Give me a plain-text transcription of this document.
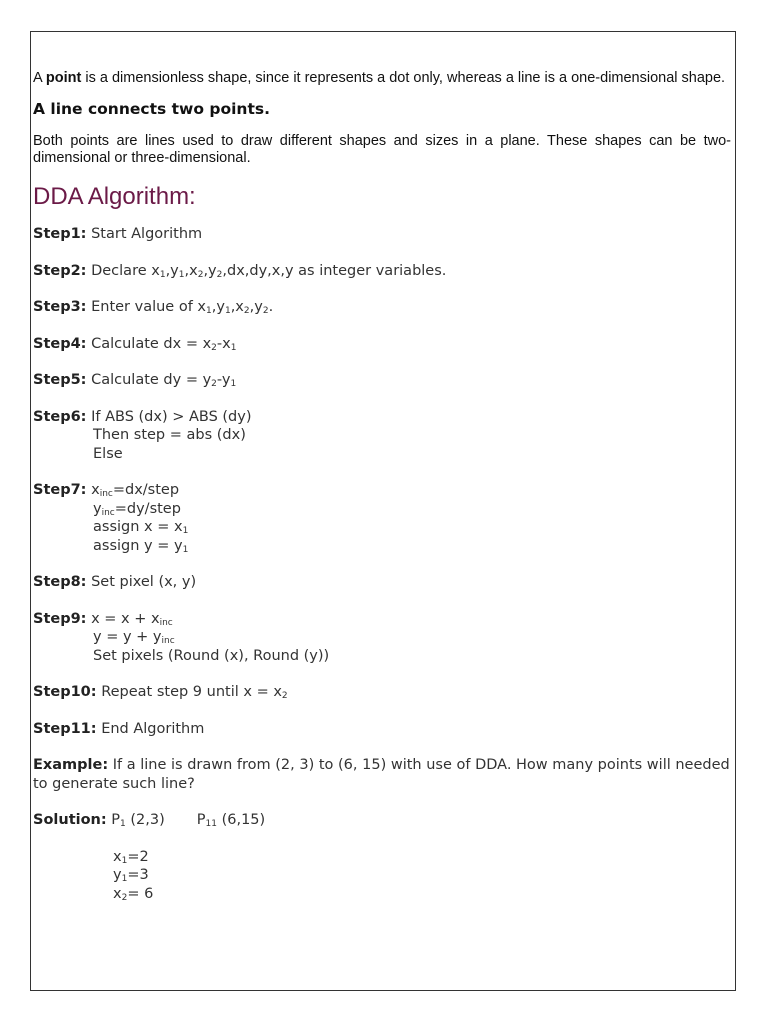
A point is a dimensionless shape, since it represents a dot only, whereas a line is a one-dimensional shape.

A line connects two points.

Both points are lines used to draw different shapes and sizes in a plane. These shapes can be two-dimensional or three-dimensional.

DDA Algorithm:
Step1: Start Algorithm
Step2: Declare $x_1,y_1,x_2,y_2,dx,dy,x,y$ as integer variables.
Step3: Enter value of $x_1,y_1,x_2,y_2$.
Step4: Calculate dx = $x_2-x_1$
Step5: Calculate dy = $y_2-y_1$
Step6: If ABS (dx) > ABS (dy)
Then step = abs (dx)
Else
Step7: $x_{inc}=dx$/step
$y_{inc}=dy$/step
assign $x = x_1$
assign $y = y_1$
Step8: Set pixel (x, y)
Step9: $x = x + x_{inc}$
$y = y + y_{inc}$
Set pixels (Round (x), Round (y))
Step10: Repeat step 9 until $x = x_2$
Step11: End Algorithm
Example: If a line is drawn from (2, 3) to (6, 15) with use of DDA. How many points will needed to generate such line?
Solution: $P_1$ (2,3) $P_{11}$ (6,15)
$x_1=2$
$y_1=3$
$x_2= 6$
